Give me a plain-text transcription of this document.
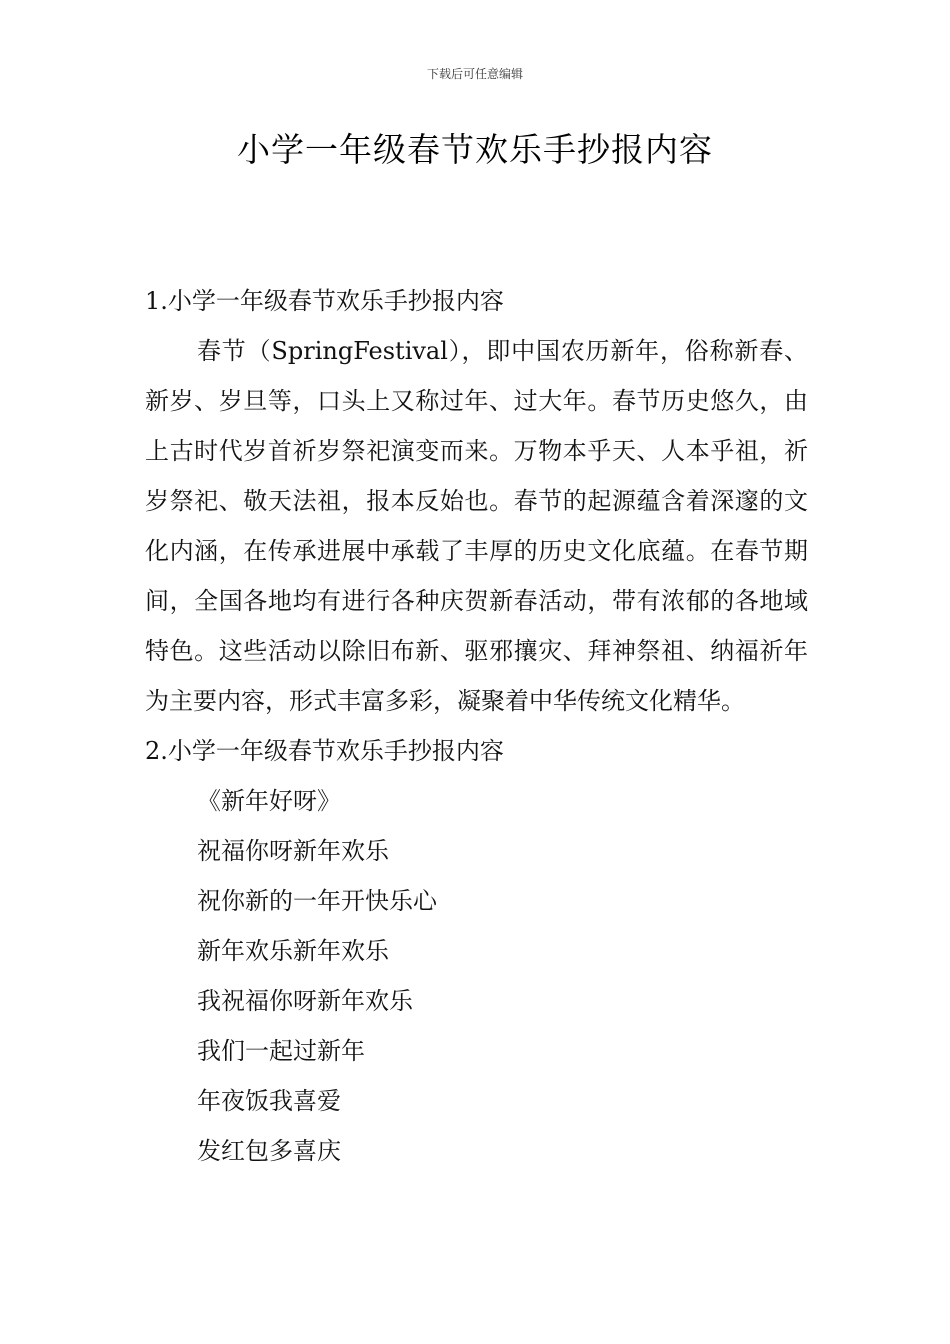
下载后可任意编辑
小学一年级春节欢乐手抄报内容

1.小学一年级春节欢乐手抄报内容

春节（SpringFestival），即中国农历新年，俗称新春、新岁、岁旦等，口头上又称过年、过大年。春节历史悠久，由上古时代岁首祈岁祭祀演变而来。万物本乎天、人本乎祖，祈岁祭祀、敬天法祖，报本反始也。春节的起源蕴含着深邃的文化内涵，在传承进展中承载了丰厚的历史文化底蕴。在春节期间，全国各地均有进行各种庆贺新春活动，带有浓郁的各地域特色。这些活动以除旧布新、驱邪攘灾、拜神祭祖、纳福祈年为主要内容，形式丰富多彩，凝聚着中华传统文化精华。

2.小学一年级春节欢乐手抄报内容

《新年好呀》

祝福你呀新年欢乐

祝你新的一年开快乐心

新年欢乐新年欢乐

我祝福你呀新年欢乐

我们一起过新年

年夜饭我喜爱

发红包多喜庆
